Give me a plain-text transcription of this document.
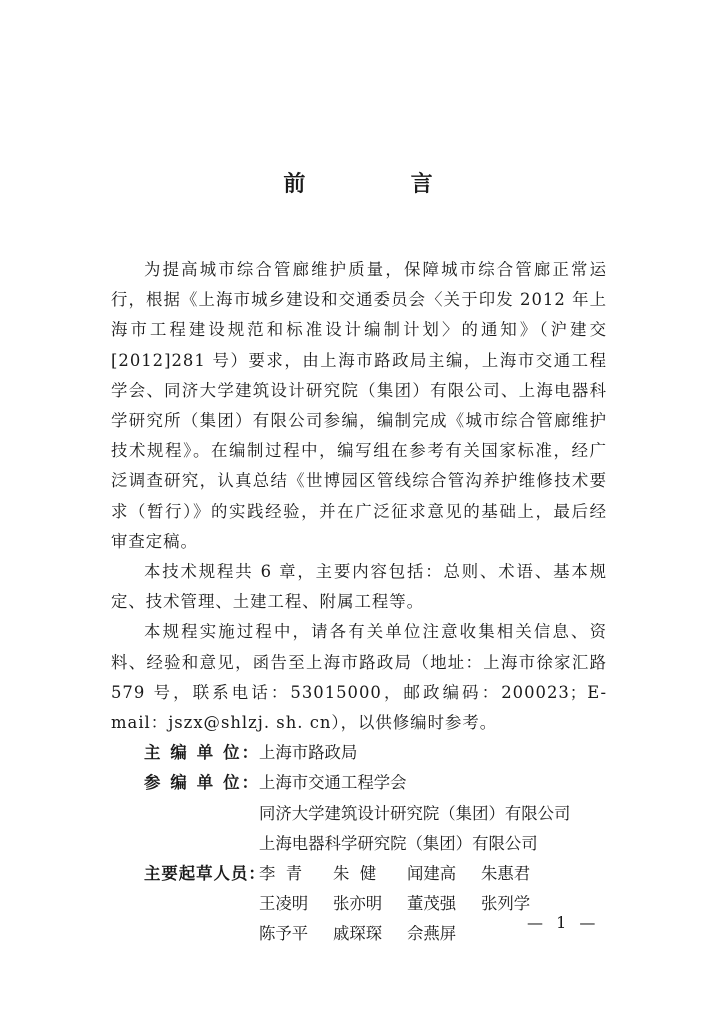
前  言

为提高城市综合管廊维护质量，保障城市综合管廊正常运行，根据《上海市城乡建设和交通委员会〈关于印发 2012 年上海市工程建设规范和标准设计编制计划〉的通知》（沪建交[2012]281 号）要求，由上海市路政局主编，上海市交通工程学会、同济大学建筑设计研究院（集团）有限公司、上海电器科学研究所（集团）有限公司参编，编制完成《城市综合管廊维护技术规程》。在编制过程中，编写组在参考有关国家标准，经广泛调查研究，认真总结《世博园区管线综合管沟养护维修技术要求（暂行）》的实践经验，并在广泛征求意见的基础上，最后经审查定稿。

本技术规程共 6 章，主要内容包括：总则、术语、基本规定、技术管理、土建工程、附属工程等。

本规程实施过程中，请各有关单位注意收集相关信息、资料、经验和意见，函告至上海市路政局（地址：上海市徐家汇路 579 号，联系电话：53015000，邮政编码：200023；E-mail：jszx@shlzj. sh. cn），以供修编时参考。

主 编 单 位： 上海市路政局
参 编 单 位： 上海市交通工程学会
同济大学建筑设计研究院（集团）有限公司
上海电器科学研究院（集团）有限公司
主要起草人员：
李  青	朱  健	闻建高	朱惠君
王凌明	张亦明	董茂强	张列学
陈予平	戚琛琛	佘燕屏
— 1 —
